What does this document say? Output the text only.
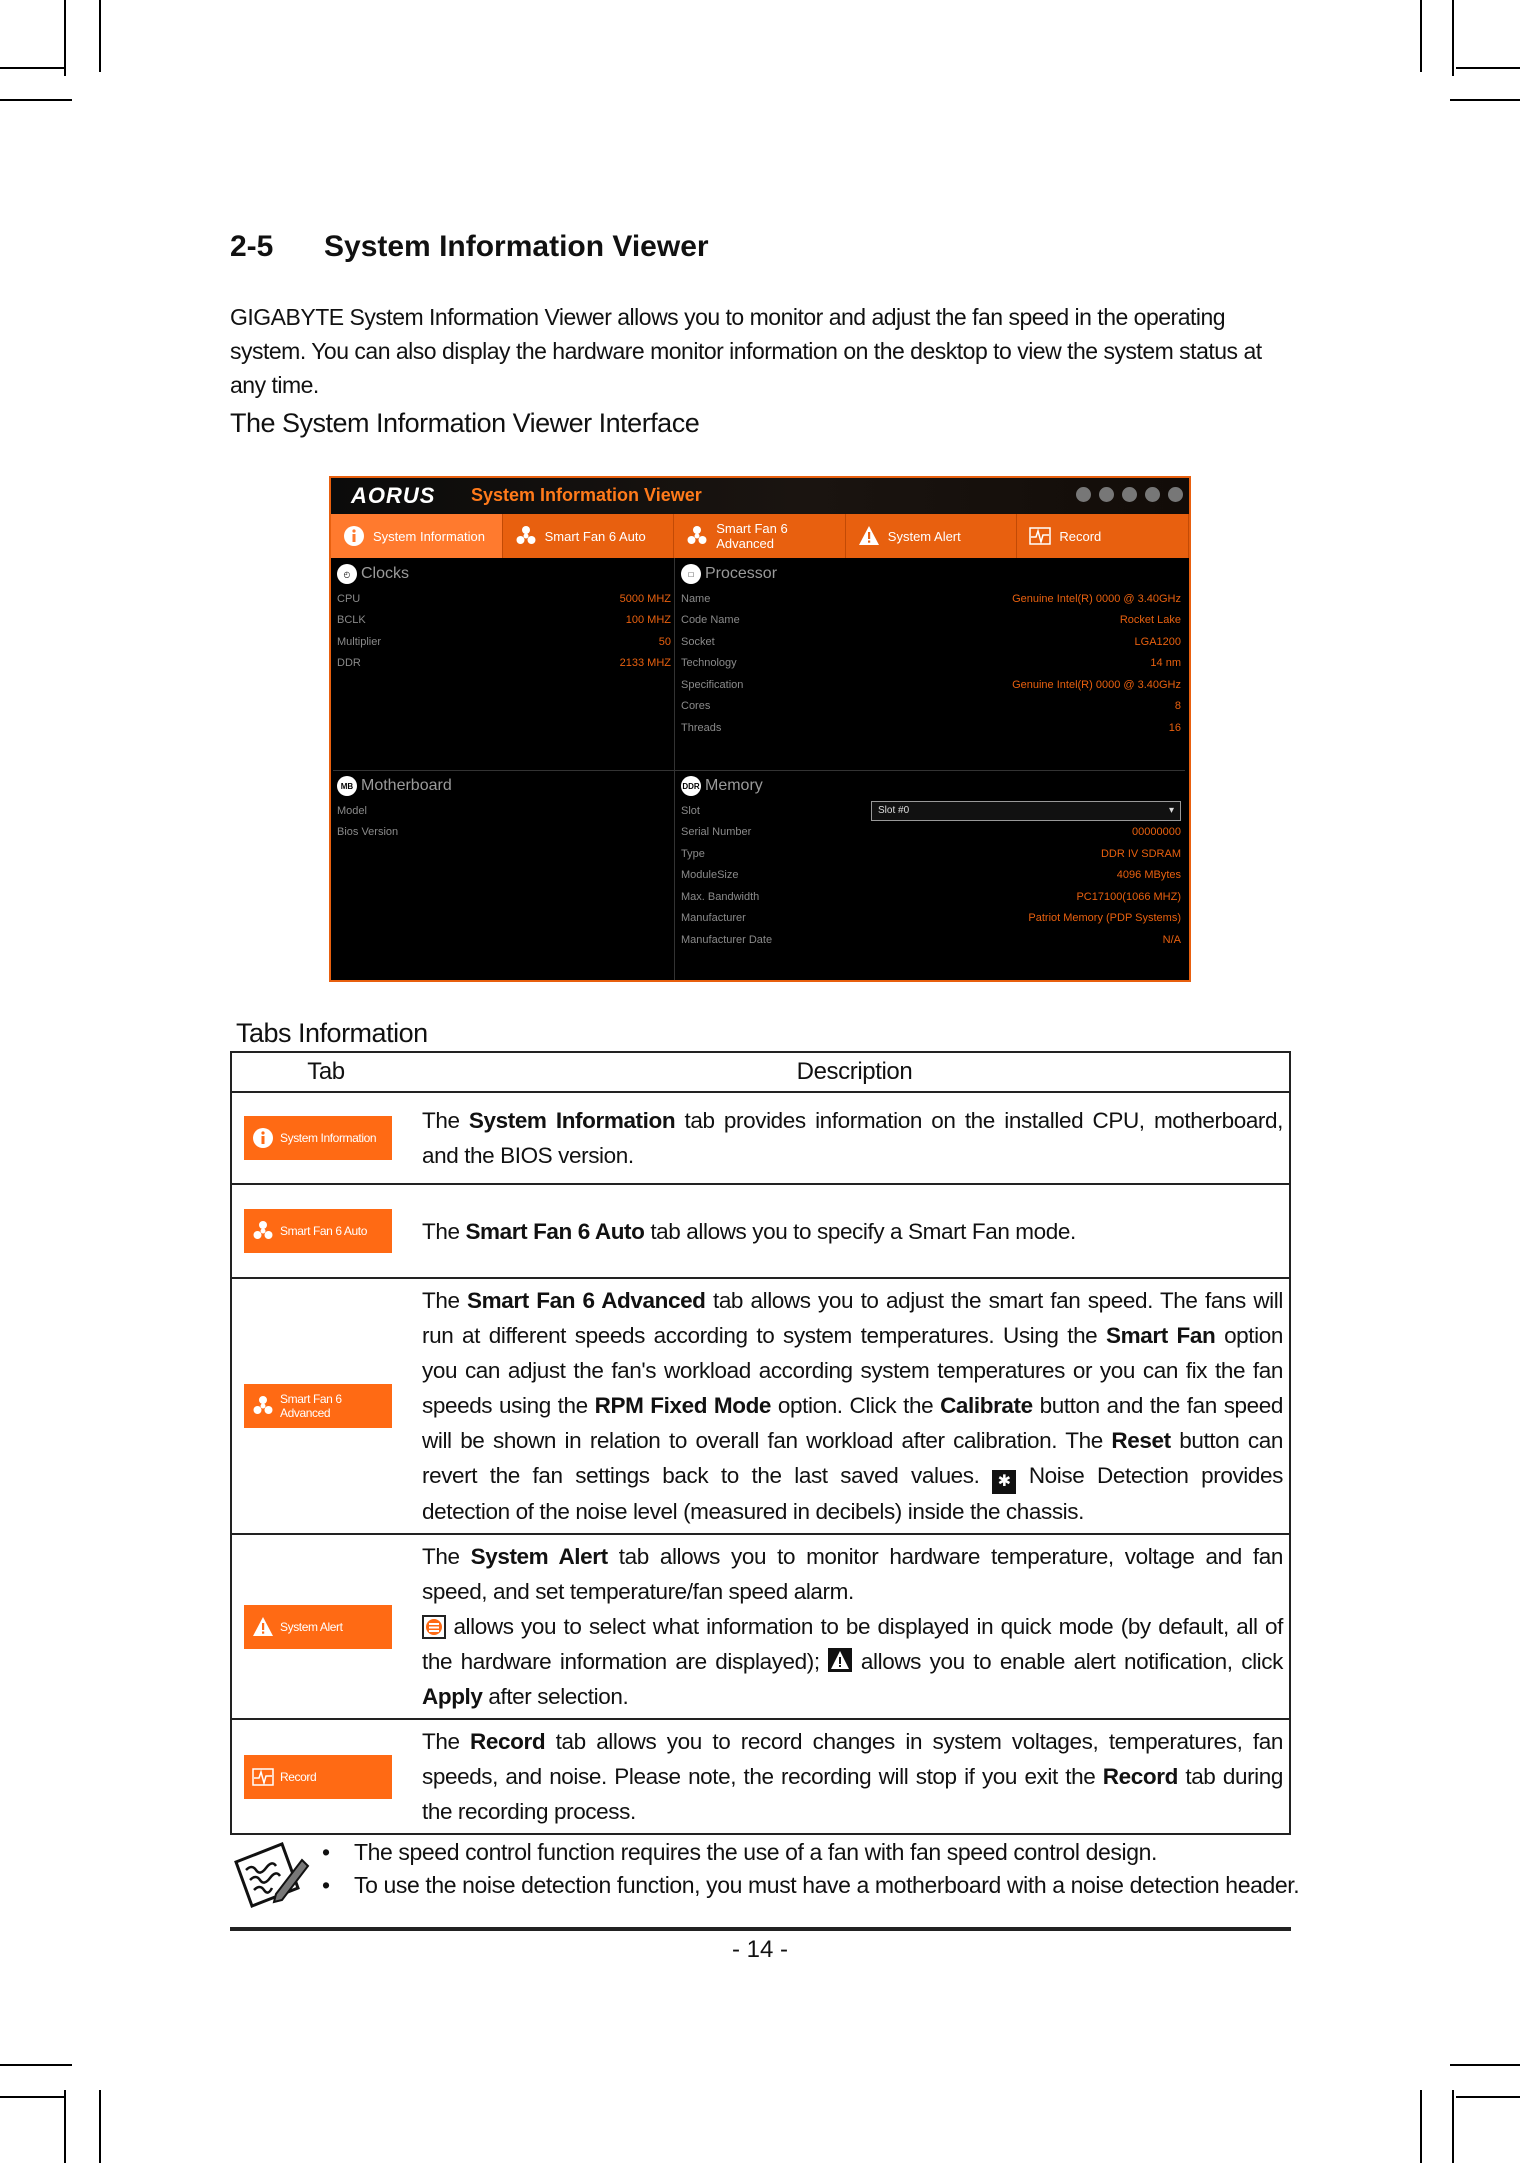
2-5 System Information Viewer
GIGABYTE System Information Viewer allows you to monitor and adjust the fan speed in the operating system. You can also display the hardware monitor information on the desktop to view the system status at any time.
The System Information Viewer Interface
AORUS System Information Viewer
System Information	Smart Fan 6 Auto	Smart Fan 6 Advanced	System Alert	Record
◴ Clocks
CPU	5000 MHZ
BCLK	100 MHZ
Multiplier	50
DDR	2133 MHZ
□ Processor
Name	Genuine Intel(R) 0000 @ 3.40GHz
Code Name	Rocket Lake
Socket	LGA1200
Technology	14 nm
Specification	Genuine Intel(R) 0000 @ 3.40GHz
Cores	8
Threads	16
MB Motherboard
Model
Bios Version
DDR Memory
Slot	Slot #0	▾
Serial Number	00000000
Type	DDR IV SDRAM
ModuleSize	4096 MBytes
Max. Bandwidth	PC17100(1066 MHZ)
Manufacturer	Patriot Memory (PDP Systems)
Manufacturer Date	N/A
Tabs Information
Tab	Description

System Information	The System Information tab provides information on the installed CPU, motherboard, and the BIOS version.

Smart Fan 6 Auto	The Smart Fan 6 Auto tab allows you to specify a Smart Fan mode.

Smart Fan 6 Advanced	The Smart Fan 6 Advanced tab allows you to adjust the smart fan speed. The fans will run at different speeds according to system temperatures. Using the Smart Fan option you can adjust the fan's workload according system temperatures or you can fix the fan speeds using the RPM Fixed Mode option. Click the Calibrate button and the fan speed will be shown in relation to overall fan workload after calibration. The Reset button can revert the fan settings back to the last saved values. ✱ Noise Detection provides detection of the noise level (measured in decibels) inside the chassis.

System Alert	The System Alert tab allows you to monitor hardware temperature, voltage and fan speed, and set temperature/fan speed alarm.
allows you to select what information to be displayed in quick mode (by default, all of the hardware information are displayed);  allows you to enable alert notification, click Apply after selection.

Record	The Record tab allows you to record changes in system voltages, temperatures, fan speeds, and noise. Please note, the recording will stop if you exit the Record tab during the recording process.
• The speed control function requires the use of a fan with fan speed control design.
• To use the noise detection function, you must have a motherboard with a noise detection header.
- 14 -
